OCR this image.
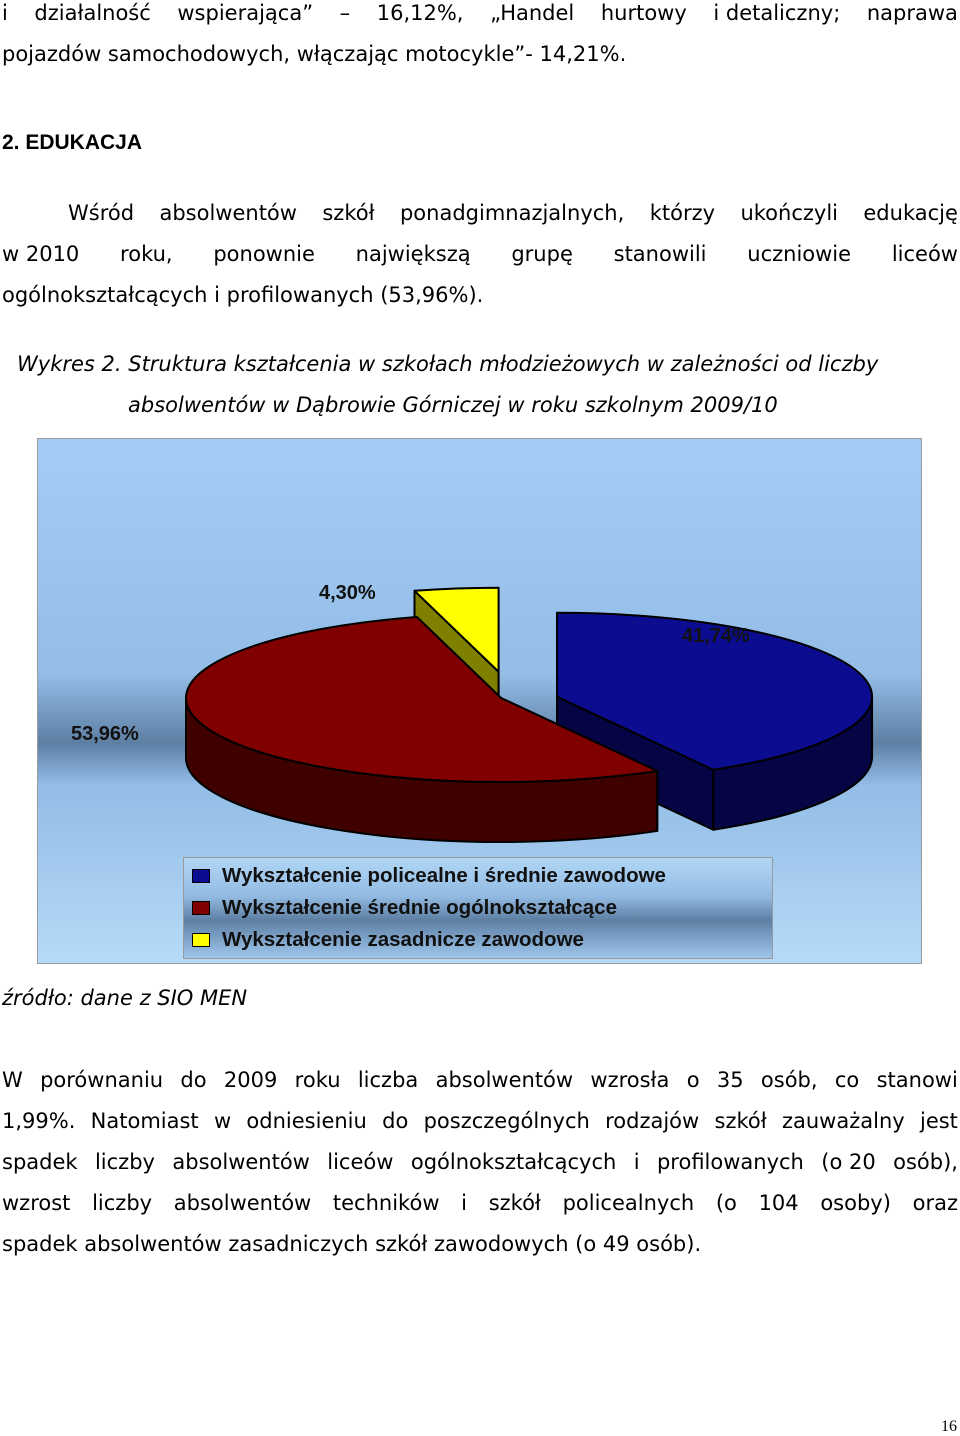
i działalność wspierająca” – 16,12%, „Handel hurtowy i detaliczny; naprawa
pojazdów samochodowych, włączając motocykle”- 14,21%.
2. EDUKACJA
Wśród absolwentów szkół ponadgimnazjalnych, którzy ukończyli edukację
w 2010 roku, ponownie największą grupę stanowili uczniowie liceów
ogólnokształcących i profilowanych (53,96%).
Wykres 2. Struktura kształcenia w szkołach młodzieżowych w zależności od liczby
absolwentów w Dąbrowie Górniczej w roku szkolnym 2009/10
4,30%
41,74%
53,96%
Wykształcenie policealne i średnie zawodowe
Wykształcenie średnie ogólnokształcące
Wykształcenie zasadnicze zawodowe
źródło: dane z SIO MEN
W porównaniu do 2009 roku liczba absolwentów wzrosła o 35 osób, co stanowi
1,99%. Natomiast w odniesieniu do poszczególnych rodzajów szkół zauważalny jest
spadek liczby absolwentów liceów ogólnokształcących i profilowanych (o 20 osób),
wzrost liczby absolwentów techników i szkół policealnych (o 104 osoby) oraz
spadek absolwentów zasadniczych szkół zawodowych (o 49 osób).
16
